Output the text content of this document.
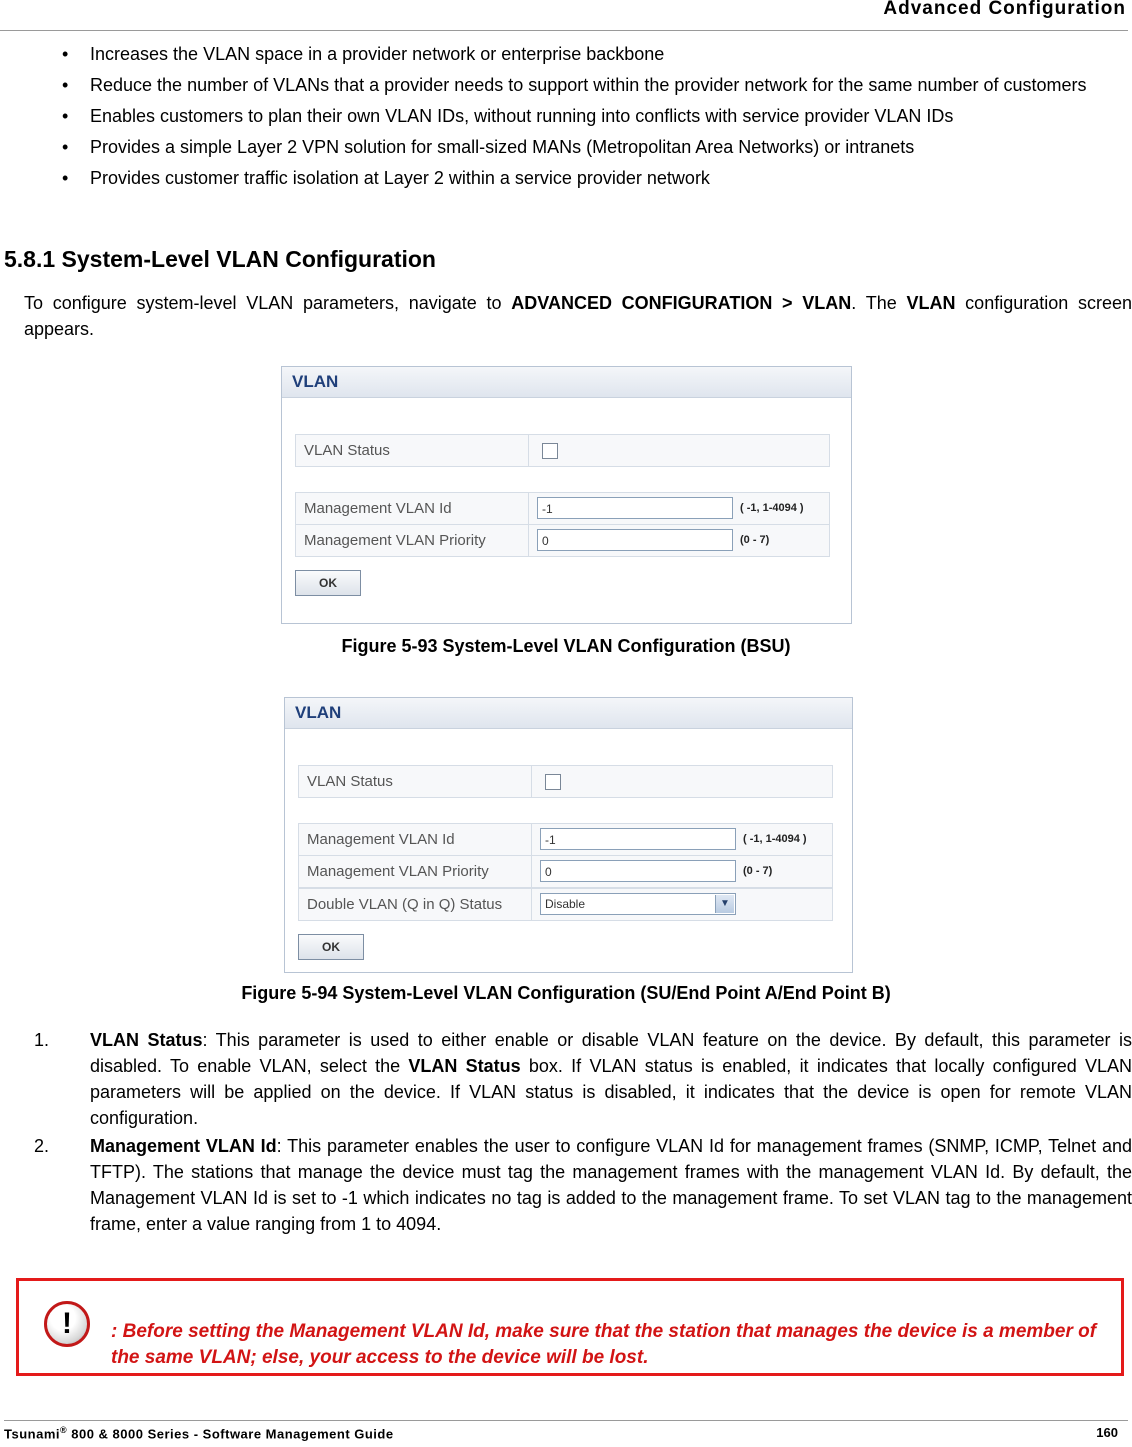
Advanced Configuration
• Increases the VLAN space in a provider network or enterprise backbone
• Reduce the number of VLANs that a provider needs to support within the provider network for the same number of customers
• Enables customers to plan their own VLAN IDs, without running into conflicts with service provider VLAN IDs
• Provides a simple Layer 2 VPN solution for small-sized MANs (Metropolitan Area Networks) or intranets
• Provides customer traffic isolation at Layer 2 within a service provider network
5.8.1 System-Level VLAN Configuration
To configure system-level VLAN parameters, navigate to ADVANCED CONFIGURATION > VLAN. The VLAN configuration screen appears.
VLAN
VLAN Status
Management VLAN Id	-1	( -1, 1-4094 )
Management VLAN Priority	0	(0 - 7)
OK
Figure 5-93 System-Level VLAN Configuration (BSU)
VLAN
VLAN Status
Management VLAN Id	-1	( -1, 1-4094 )
Management VLAN Priority	0	(0 - 7)
Double VLAN (Q in Q) Status	Disable	▼
OK
Figure 5-94 System-Level VLAN Configuration (SU/End Point A/End Point B)
1. VLAN Status: This parameter is used to either enable or disable VLAN feature on the device. By default, this parameter is disabled. To enable VLAN, select the VLAN Status box. If VLAN status is enabled, it indicates that locally configured VLAN parameters will be applied on the device. If VLAN status is disabled, it indicates that the device is open for remote VLAN configuration.
2. Management VLAN Id: This parameter enables the user to configure VLAN Id for management frames (SNMP, ICMP, Telnet and TFTP). The stations that manage the device must tag the management frames with the management VLAN Id. By default, the Management VLAN Id is set to -1 which indicates no tag is added to the management frame. To set VLAN tag to the management frame, enter a value ranging from 1 to 4094.
!	: Before setting the Management VLAN Id, make sure that the station that manages the device is a member of the same VLAN; else, your access to the device will be lost.
Tsunami® 800 & 8000 Series - Software Management Guide	160
